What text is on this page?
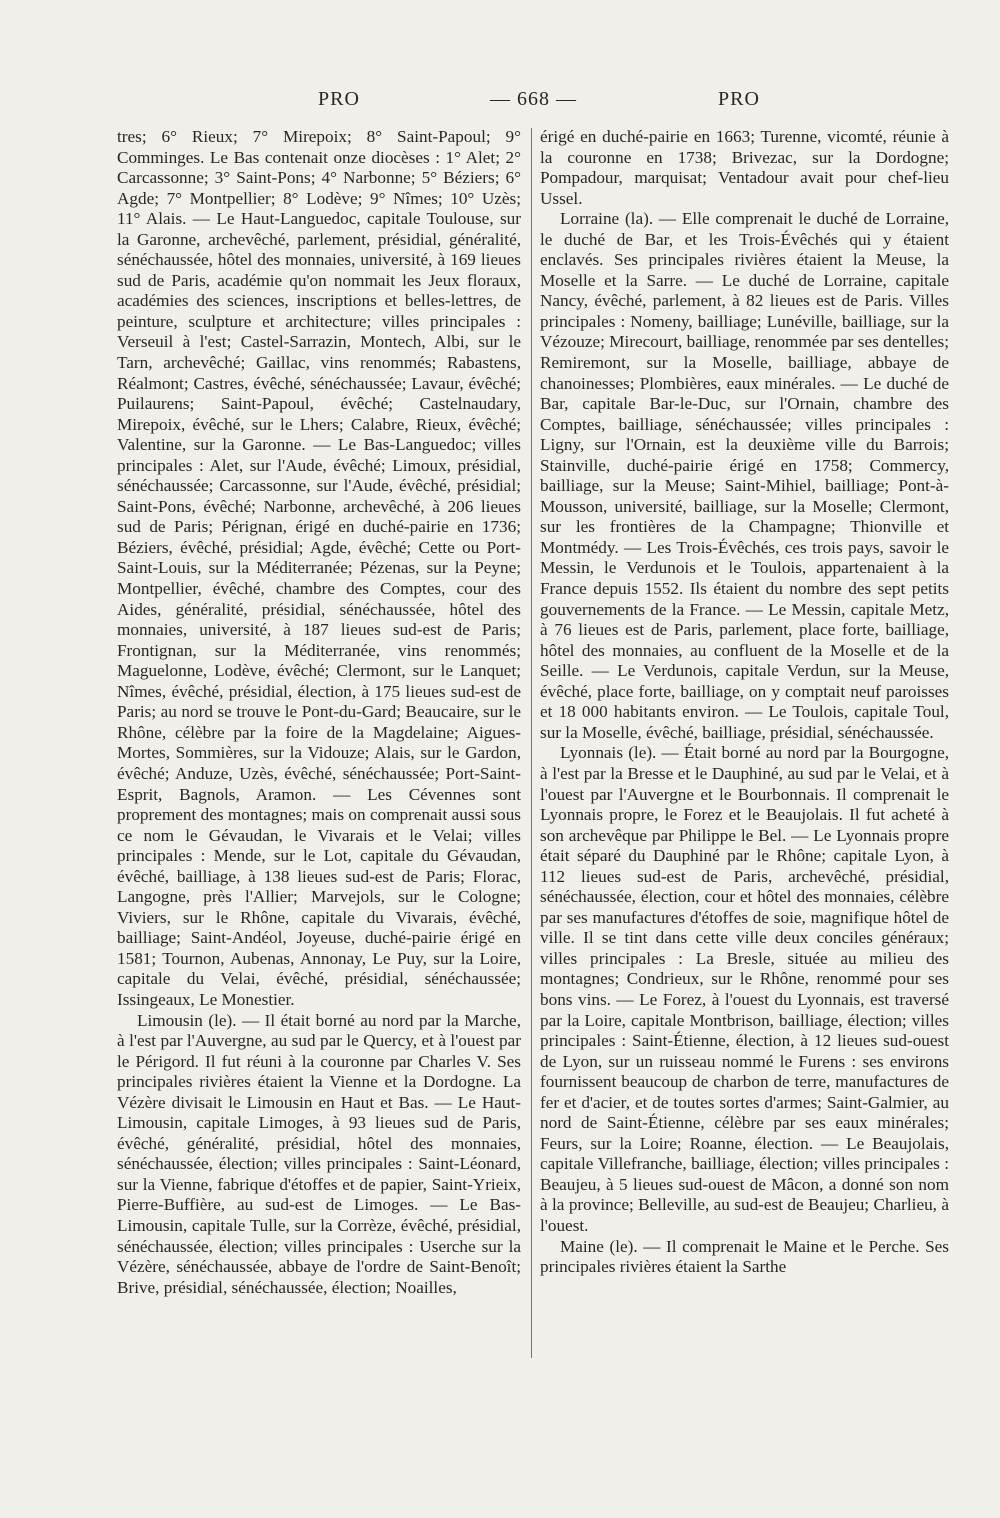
PRO	— 668 —	PRO

tres; 6° Rieux; 7° Mirepoix; 8° Saint-Papoul; 9° Comminges. Le Bas contenait onze diocèses : 1° Alet; 2° Carcassonne; 3° Saint-Pons; 4° Narbonne; 5° Béziers; 6° Agde; 7° Montpellier; 8° Lodève; 9° Nîmes; 10° Uzès; 11° Alais. — Le Haut-Languedoc, capitale Toulouse, sur la Garonne, archevêché, parlement, présidial, généralité, sénéchaussée, hôtel des monnaies, université, à 169 lieues sud de Paris, académie qu'on nommait les Jeux floraux, académies des sciences, inscriptions et belles-lettres, de peinture, sculpture et architecture; villes principales : Verseuil à l'est; Castel-Sarrazin, Montech, Albi, sur le Tarn, archevêché; Gaillac, vins renommés; Rabastens, Réalmont; Castres, évêché, sénéchaussée; Lavaur, évêché; Puilaurens; Saint-Papoul, évêché; Castelnaudary, Mirepoix, évêché, sur le Lhers; Calabre, Rieux, évêché; Valentine, sur la Garonne. — Le Bas-Languedoc; villes principales : Alet, sur l'Aude, évêché; Limoux, présidial, sénéchaussée; Carcassonne, sur l'Aude, évêché, présidial; Saint-Pons, évêché; Narbonne, archevêché, à 206 lieues sud de Paris; Pérignan, érigé en duché-pairie en 1736; Béziers, évêché, présidial; Agde, évêché; Cette ou Port-Saint-Louis, sur la Méditerranée; Pézenas, sur la Peyne; Montpellier, évêché, chambre des Comptes, cour des Aides, généralité, présidial, sénéchaussée, hôtel des monnaies, université, à 187 lieues sud-est de Paris; Frontignan, sur la Méditerranée, vins renommés; Maguelonne, Lodève, évêché; Clermont, sur le Lanquet; Nîmes, évêché, présidial, élection, à 175 lieues sud-est de Paris; au nord se trouve le Pont-du-Gard; Beaucaire, sur le Rhône, célèbre par la foire de la Magdelaine; Aigues-Mortes, Sommières, sur la Vidouze; Alais, sur le Gardon, évêché; Anduze, Uzès, évêché, sénéchaussée; Port-Saint-Esprit, Bagnols, Aramon. — Les Cévennes sont proprement des montagnes; mais on comprenait aussi sous ce nom le Gévaudan, le Vivarais et le Velai; villes principales : Mende, sur le Lot, capitale du Gévaudan, évêché, bailliage, à 138 lieues sud-est de Paris; Florac, Langogne, près l'Allier; Marvejols, sur le Cologne; Viviers, sur le Rhône, capitale du Vivarais, évêché, bailliage; Saint-Andéol, Joyeuse, duché-pairie érigé en 1581; Tournon, Aubenas, Annonay, Le Puy, sur la Loire, capitale du Velai, évêché, présidial, sénéchaussée; Issingeaux, Le Monestier.

Limousin (le). — Il était borné au nord par la Marche, à l'est par l'Auvergne, au sud par le Quercy, et à l'ouest par le Périgord. Il fut réuni à la couronne par Charles V. Ses principales rivières étaient la Vienne et la Dordogne. La Vézère divisait le Limousin en Haut et Bas. — Le Haut-Limousin, capitale Limoges, à 93 lieues sud de Paris, évêché, généralité, présidial, hôtel des monnaies, sénéchaussée, élection; villes principales : Saint-Léonard, sur la Vienne, fabrique d'étoffes et de papier, Saint-Yrieix, Pierre-Buffière, au sud-est de Limoges. — Le Bas-Limousin, capitale Tulle, sur la Corrèze, évêché, présidial, sénéchaussée, élection; villes principales : Userche sur la Vézère, sénéchaussée, abbaye de l'ordre de Saint-Benoît; Brive, présidial, sénéchaussée, élection; Noailles,

érigé en duché-pairie en 1663; Turenne, vicomté, réunie à la couronne en 1738; Brivezac, sur la Dordogne; Pompadour, marquisat; Ventadour avait pour chef-lieu Ussel.

Lorraine (la). — Elle comprenait le duché de Lorraine, le duché de Bar, et les Trois-Évêchés qui y étaient enclavés. Ses principales rivières étaient la Meuse, la Moselle et la Sarre. — Le duché de Lorraine, capitale Nancy, évêché, parlement, à 82 lieues est de Paris. Villes principales : Nomeny, bailliage; Lunéville, bailliage, sur la Vézouze; Mirecourt, bailliage, renommée par ses dentelles; Remiremont, sur la Moselle, bailliage, abbaye de chanoinesses; Plombières, eaux minérales. — Le duché de Bar, capitale Bar-le-Duc, sur l'Ornain, chambre des Comptes, bailliage, sénéchaussée; villes principales : Ligny, sur l'Ornain, est la deuxième ville du Barrois; Stainville, duché-pairie érigé en 1758; Commercy, bailliage, sur la Meuse; Saint-Mihiel, bailliage; Pont-à-Mousson, université, bailliage, sur la Moselle; Clermont, sur les frontières de la Champagne; Thionville et Montmédy. — Les Trois-Évêchés, ces trois pays, savoir le Messin, le Verdunois et le Toulois, appartenaient à la France depuis 1552. Ils étaient du nombre des sept petits gouvernements de la France. — Le Messin, capitale Metz, à 76 lieues est de Paris, parlement, place forte, bailliage, hôtel des monnaies, au confluent de la Moselle et de la Seille. — Le Verdunois, capitale Verdun, sur la Meuse, évêché, place forte, bailliage, on y comptait neuf paroisses et 18 000 habitants environ. — Le Toulois, capitale Toul, sur la Moselle, évêché, bailliage, présidial, sénéchaussée.

Lyonnais (le). — Était borné au nord par la Bourgogne, à l'est par la Bresse et le Dauphiné, au sud par le Velai, et à l'ouest par l'Auvergne et le Bourbonnais. Il comprenait le Lyonnais propre, le Forez et le Beaujolais. Il fut acheté à son archevêque par Philippe le Bel. — Le Lyonnais propre était séparé du Dauphiné par le Rhône; capitale Lyon, à 112 lieues sud-est de Paris, archevêché, présidial, sénéchaussée, élection, cour et hôtel des monnaies, célèbre par ses manufactures d'étoffes de soie, magnifique hôtel de ville. Il se tint dans cette ville deux conciles généraux; villes principales : La Bresle, située au milieu des montagnes; Condrieux, sur le Rhône, renommé pour ses bons vins. — Le Forez, à l'ouest du Lyonnais, est traversé par la Loire, capitale Montbrison, bailliage, élection; villes principales : Saint-Étienne, élection, à 12 lieues sud-ouest de Lyon, sur un ruisseau nommé le Furens : ses environs fournissent beaucoup de charbon de terre, manufactures de fer et d'acier, et de toutes sortes d'armes; Saint-Galmier, au nord de Saint-Étienne, célèbre par ses eaux minérales; Feurs, sur la Loire; Roanne, élection. — Le Beaujolais, capitale Villefranche, bailliage, élection; villes principales : Beaujeu, à 5 lieues sud-ouest de Mâcon, a donné son nom à la province; Belleville, au sud-est de Beaujeu; Charlieu, à l'ouest.

Maine (le). — Il comprenait le Maine et le Perche. Ses principales rivières étaient la Sarthe
